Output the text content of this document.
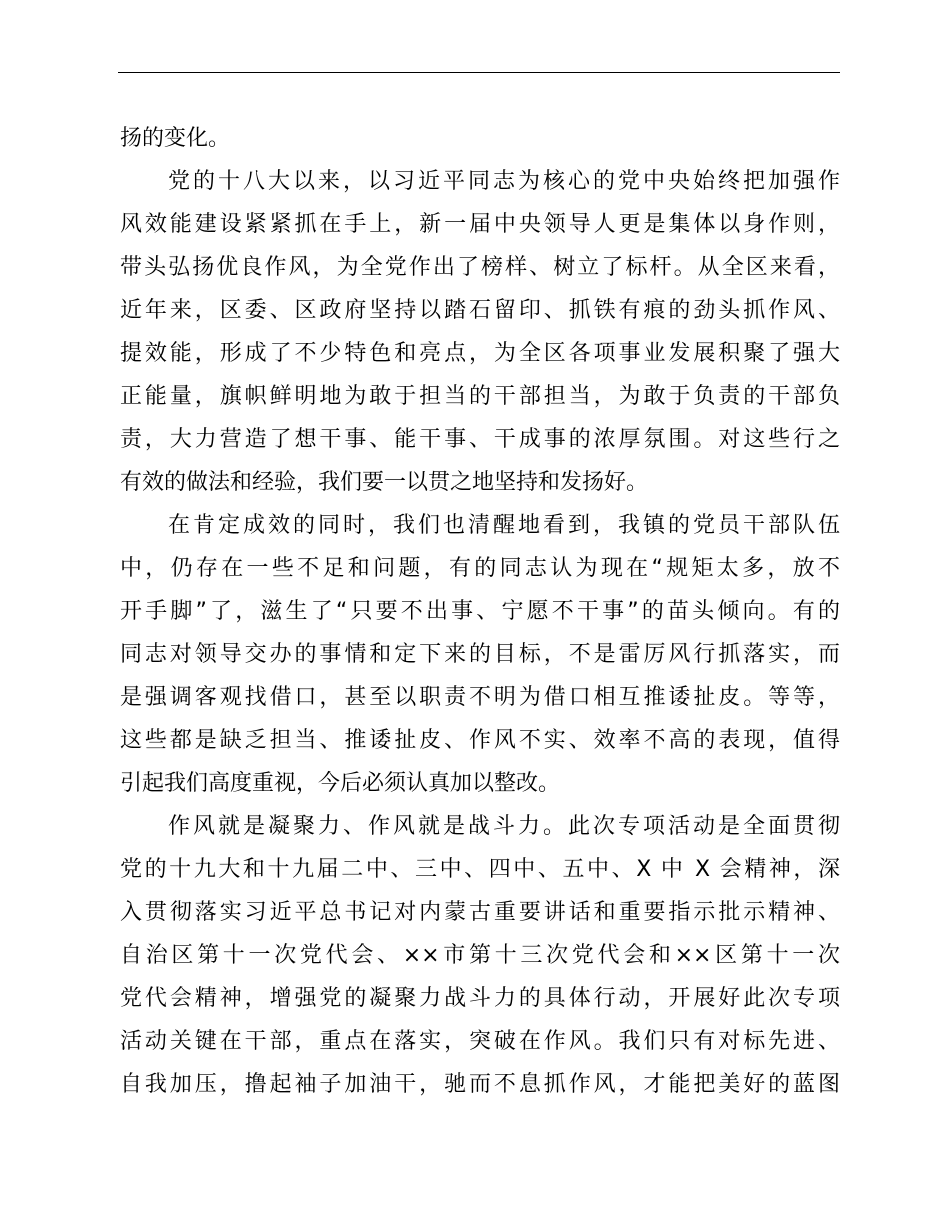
扬的变化。
党的十八大以来，以习近平同志为核心的党中央始终把加强作
风效能建设紧紧抓在手上，新一届中央领导人更是集体以身作则，
带头弘扬优良作风，为全党作出了榜样、树立了标杆。从全区来看，
近年来，区委、区政府坚持以踏石留印、抓铁有痕的劲头抓作风、
提效能，形成了不少特色和亮点，为全区各项事业发展积聚了强大
正能量，旗帜鲜明地为敢于担当的干部担当，为敢于负责的干部负
责，大力营造了想干事、能干事、干成事的浓厚氛围。对这些行之
有效的做法和经验，我们要一以贯之地坚持和发扬好。
在肯定成效的同时，我们也清醒地看到，我镇的党员干部队伍
中，仍存在一些不足和问题，有的同志认为现在“规矩太多，放不
开手脚”了，滋生了“只要不出事、宁愿不干事”的苗头倾向。有的
同志对领导交办的事情和定下来的目标，不是雷厉风行抓落实，而
是强调客观找借口，甚至以职责不明为借口相互推诿扯皮。等等，
这些都是缺乏担当、推诿扯皮、作风不实、效率不高的表现，值得
引起我们高度重视，今后必须认真加以整改。
作风就是凝聚力、作风就是战斗力。此次专项活动是全面贯彻
党的十九大和十九届二中、三中、四中、五中、X 中 X 会精神，深
入贯彻落实习近平总书记对内蒙古重要讲话和重要指示批示精神、
自治区第十一次党代会、××市第十三次党代会和××区第十一次
党代会精神，增强党的凝聚力战斗力的具体行动，开展好此次专项
活动关键在干部，重点在落实，突破在作风。我们只有对标先进、
自我加压，撸起袖子加油干，驰而不息抓作风，才能把美好的蓝图
